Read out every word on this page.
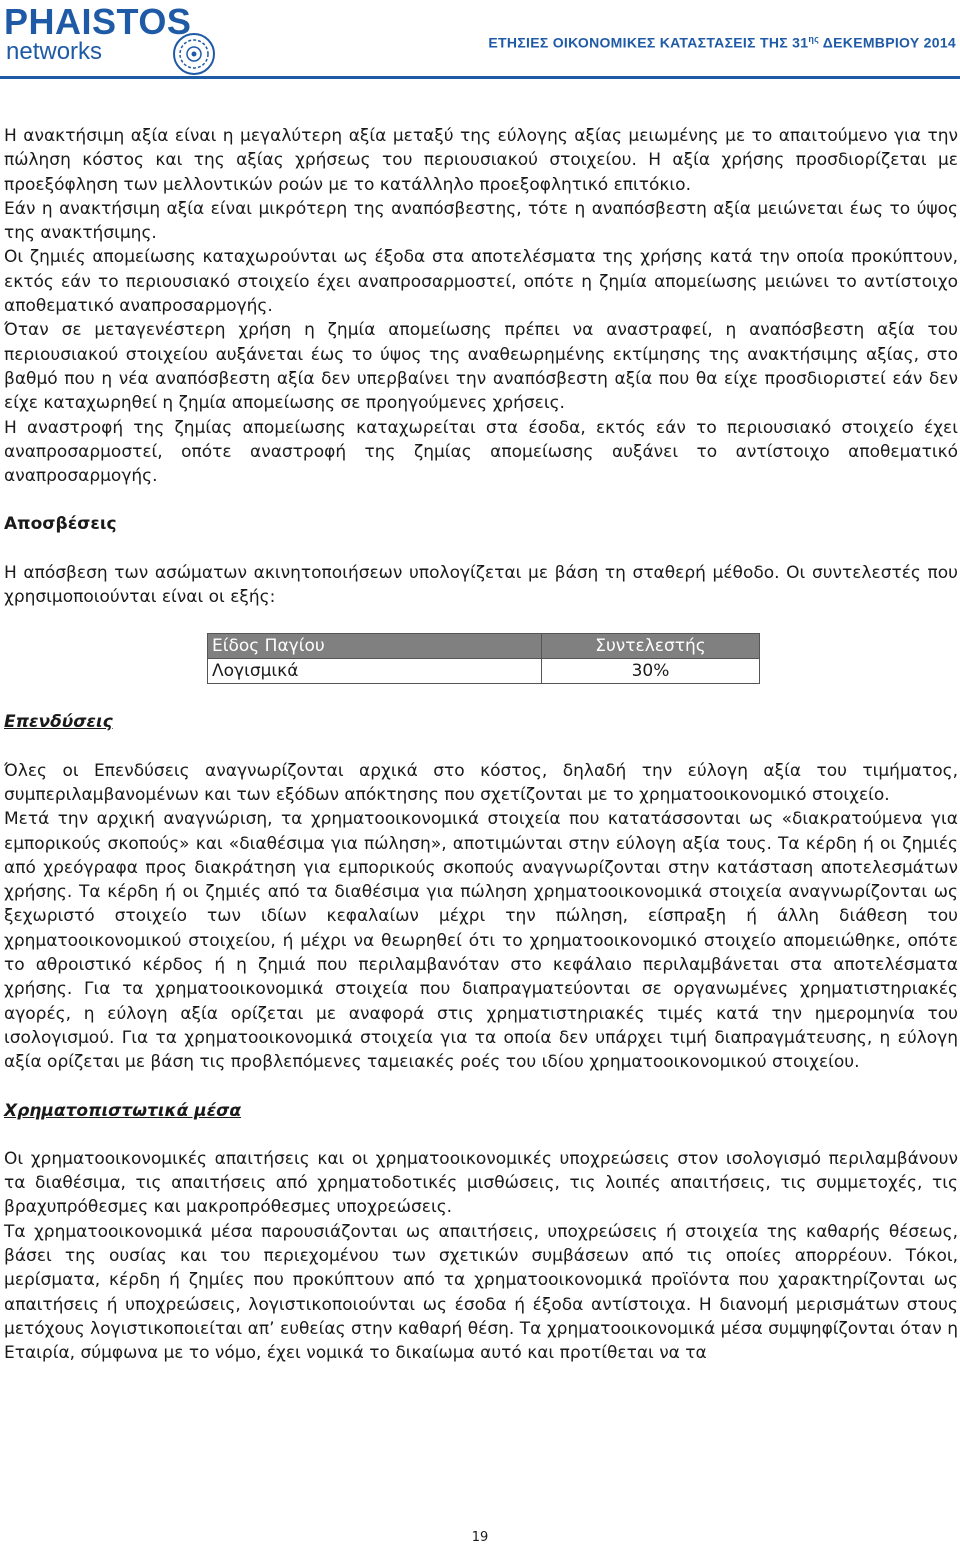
PHAISTOS
networks	ΕΤΗΣΙΕΣ ΟΙΚΟΝΟΜΙΚΕΣ ΚΑΤΑΣΤΑΣΕΙΣ ΤΗΣ $31^{\eta\varsigma}$ ΔΕΚΕΜΒΡΙΟΥ 2014

Η ανακτήσιμη αξία είναι η μεγαλύτερη αξία μεταξύ της εύλογης αξίας μειωμένης με το απαιτούμενο για την πώληση κόστος και της αξίας χρήσεως του περιουσιακού στοιχείου. Η αξία χρήσης προσδιορίζεται με προεξόφληση των μελλοντικών ροών με το κατάλληλο προεξοφλητικό επιτόκιο.

Εάν η ανακτήσιμη αξία είναι μικρότερη της αναπόσβεστης, τότε η αναπόσβεστη αξία μειώνεται έως το ύψος της ανακτήσιμης.

Οι ζημιές απομείωσης καταχωρούνται ως έξοδα στα αποτελέσματα της χρήσης κατά την οποία προκύπτουν, εκτός εάν το περιουσιακό στοιχείο έχει αναπροσαρμοστεί, οπότε η ζημία απομείωσης μειώνει το αντίστοιχο αποθεματικό αναπροσαρμογής.

Όταν σε μεταγενέστερη χρήση η ζημία απομείωσης πρέπει να αναστραφεί, η αναπόσβεστη αξία του περιουσιακού στοιχείου αυξάνεται έως το ύψος της αναθεωρημένης εκτίμησης της ανακτήσιμης αξίας, στο βαθμό που η νέα αναπόσβεστη αξία δεν υπερβαίνει την αναπόσβεστη αξία που θα είχε προσδιοριστεί εάν δεν είχε καταχωρηθεί η ζημία απομείωσης σε προηγούμενες χρήσεις.

Η αναστροφή της ζημίας απομείωσης καταχωρείται στα έσοδα, εκτός εάν το περιουσιακό στοιχείο έχει αναπροσαρμοστεί, οπότε αναστροφή της ζημίας απομείωσης αυξάνει το αντίστοιχο αποθεματικό αναπροσαρμογής.

Αποσβέσεις

Η απόσβεση των ασώματων ακινητοποιήσεων υπολογίζεται με βάση τη σταθερή μέθοδο. Οι συντελεστές που χρησιμοποιούνται είναι οι εξής:

Είδος Παγίου	Συντελεστής
Λογισμικά	30%

Επενδύσεις

Όλες οι Επενδύσεις αναγνωρίζονται αρχικά στο κόστος, δηλαδή την εύλογη αξία του τιμήματος, συμπεριλαμβανομένων και των εξόδων απόκτησης που σχετίζονται με το χρηματοοικονομικό στοιχείο.

Μετά την αρχική αναγνώριση, τα χρηματοοικονομικά στοιχεία που κατατάσσονται ως «διακρατούμενα για εμπορικούς σκοπούς» και «διαθέσιμα για πώληση», αποτιμώνται στην εύλογη αξία τους. Τα κέρδη ή οι ζημιές από χρεόγραφα προς διακράτηση για εμπορικούς σκοπούς αναγνωρίζονται στην κατάσταση αποτελεσμάτων χρήσης. Τα κέρδη ή οι ζημιές από τα διαθέσιμα για πώληση χρηματοοικονομικά στοιχεία αναγνωρίζονται ως ξεχωριστό στοιχείο των ιδίων κεφαλαίων μέχρι την πώληση, είσπραξη ή άλλη διάθεση του χρηματοοικονομικού στοιχείου, ή μέχρι να θεωρηθεί ότι το χρηματοοικονομικό στοιχείο απομειώθηκε, οπότε το αθροιστικό κέρδος ή η ζημιά που περιλαμβανόταν στο κεφάλαιο περιλαμβάνεται στα αποτελέσματα χρήσης. Για τα χρηματοοικονομικά στοιχεία που διαπραγματεύονται σε οργανωμένες χρηματιστηριακές αγορές, η εύλογη αξία ορίζεται με αναφορά στις χρηματιστηριακές τιμές κατά την ημερομηνία του ισολογισμού. Για τα χρηματοοικονομικά στοιχεία για τα οποία δεν υπάρχει τιμή διαπραγμάτευσης, η εύλογη αξία ορίζεται με βάση τις προβλεπόμενες ταμειακές ροές του ιδίου χρηματοοικονομικού στοιχείου.

Χρηματοπιστωτικά μέσα

Οι χρηματοοικονομικές απαιτήσεις και οι χρηματοοικονομικές υποχρεώσεις στον ισολογισμό περιλαμβάνουν τα διαθέσιμα, τις απαιτήσεις από χρηματοδοτικές μισθώσεις, τις λοιπές απαιτήσεις, τις συμμετοχές, τις βραχυπρόθεσμες και μακροπρόθεσμες υποχρεώσεις.

Τα χρηματοοικονομικά μέσα παρουσιάζονται ως απαιτήσεις, υποχρεώσεις ή στοιχεία της καθαρής θέσεως, βάσει της ουσίας και του περιεχομένου των σχετικών συμβάσεων από τις οποίες απορρέουν. Τόκοι, μερίσματα, κέρδη ή ζημίες που προκύπτουν από τα χρηματοοικονομικά προϊόντα που χαρακτηρίζονται ως απαιτήσεις ή υποχρεώσεις, λογιστικοποιούνται ως έσοδα ή έξοδα αντίστοιχα. Η διανομή μερισμάτων στους μετόχους λογιστικοποιείται απ’ ευθείας στην καθαρή θέση. Τα χρηματοοικονομικά μέσα συμψηφίζονται όταν η Εταιρία, σύμφωνα με το νόμο, έχει νομικά το δικαίωμα αυτό και προτίθεται να τα

19
